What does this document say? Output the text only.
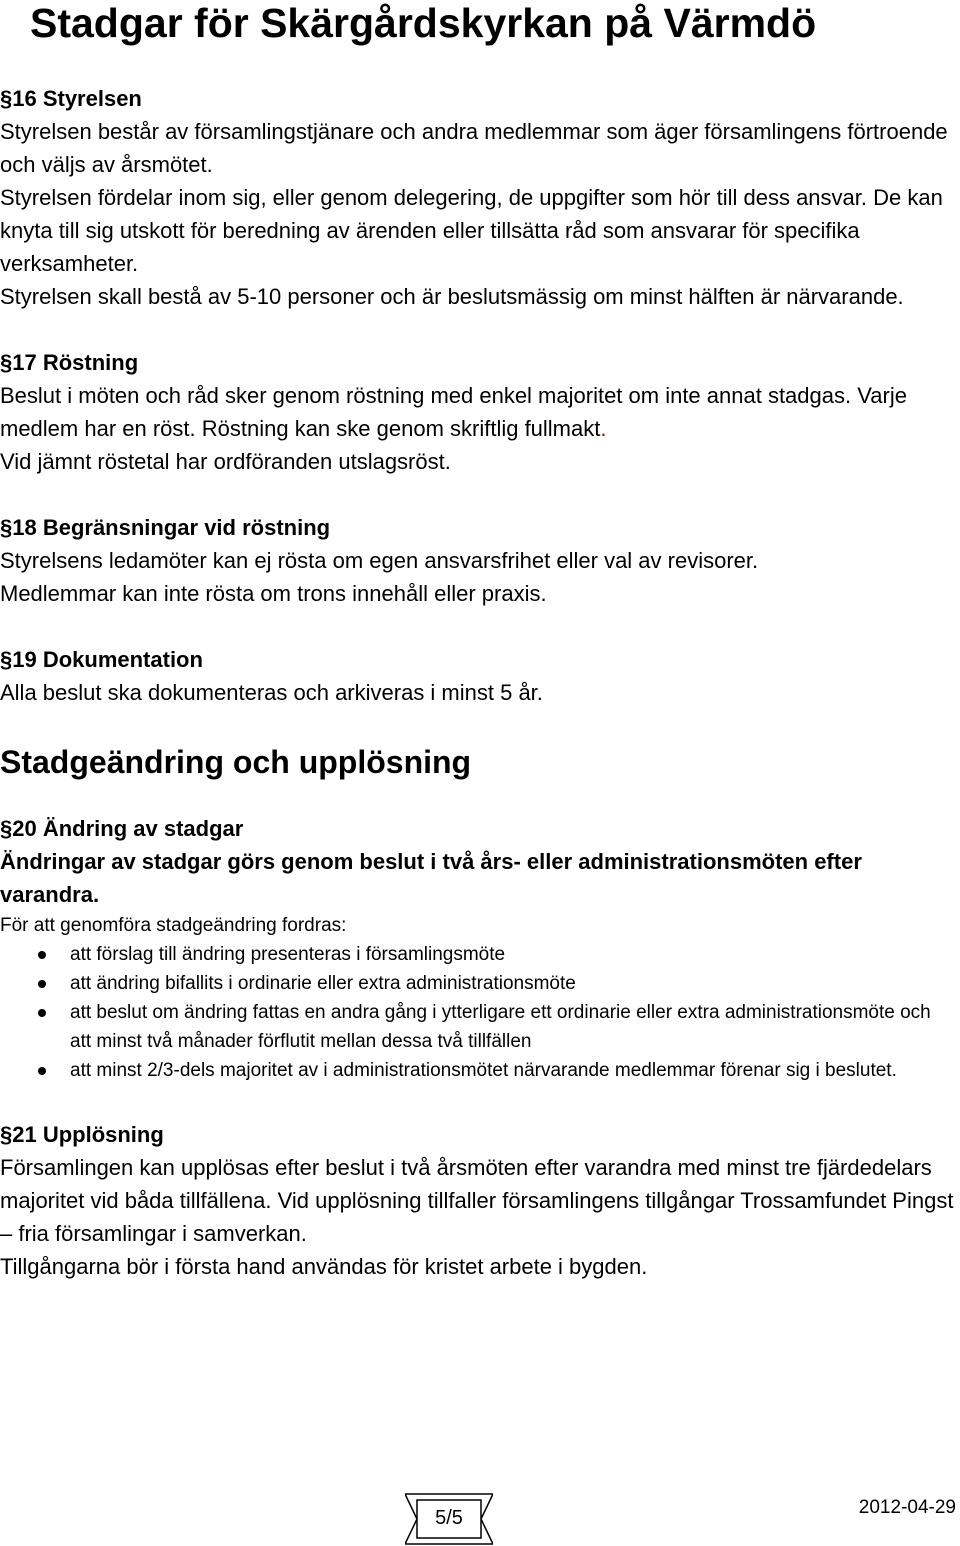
Stadgar för Skärgårdskyrkan på Värmdö
§16 Styrelsen

Styrelsen består av församlingstjänare och andra medlemmar som äger församlingens förtroende och väljs av årsmötet.

Styrelsen fördelar inom sig, eller genom delegering, de uppgifter som hör till dess ansvar. De kan knyta till sig utskott för beredning av ärenden eller tillsätta råd som ansvarar för specifika verksamheter.

Styrelsen skall bestå av 5-10 personer och är beslutsmässig om minst hälften är närvarande.

§17 Röstning

Beslut i möten och råd sker genom röstning med enkel majoritet om inte annat stadgas. Varje medlem har en röst. Röstning kan ske genom skriftlig fullmakt.

Vid jämnt röstetal har ordföranden utslagsröst.

§18 Begränsningar vid röstning

Styrelsens ledamöter kan ej rösta om egen ansvarsfrihet eller val av revisorer.

Medlemmar kan inte rösta om trons innehåll eller praxis.

§19 Dokumentation

Alla beslut ska dokumenteras och arkiveras i minst 5 år.

Stadgeändring och upplösning
§20 Ändring av stadgar

Ändringar av stadgar görs genom beslut i två års- eller administrationsmöten efter varandra.

För att genomföra stadgeändring fordras:

att förslag till ändring presenteras i församlingsmöte
att ändring bifallits i ordinarie eller extra administrationsmöte
att beslut om ändring fattas en andra gång i ytterligare ett ordinarie eller extra administrationsmöte och att minst två månader förflutit mellan dessa två tillfällen
att minst 2/3-dels majoritet av i administrationsmötet närvarande medlemmar förenar sig i beslutet.
§21 Upplösning

Församlingen kan upplösas efter beslut i två årsmöten efter varandra med minst tre fjärdedelars majoritet vid båda tillfällena. Vid upplösning tillfaller församlingens tillgångar Trossamfundet Pingst – fria församlingar i samverkan.

Tillgångarna bör i första hand användas för kristet arbete i bygden.

2012-04-29
5/5
